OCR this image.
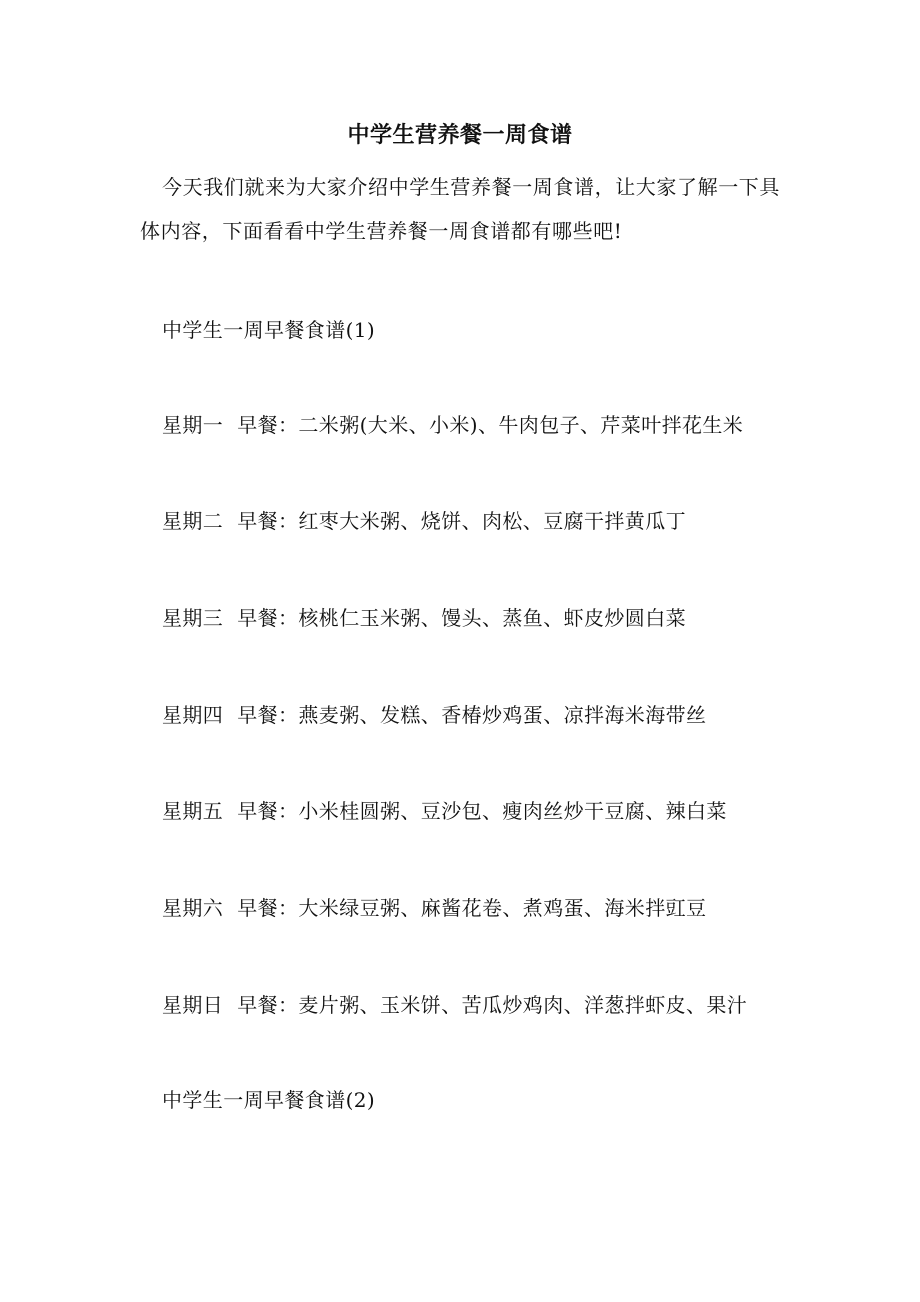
中学生营养餐一周食谱
今天我们就来为大家介绍中学生营养餐一周食谱，让大家了解一下具体内容，下面看看中学生营养餐一周食谱都有哪些吧!
中学生一周早餐食谱(1)
星期一 早餐：二米粥(大米、小米)、牛肉包子、芹菜叶拌花生米
星期二 早餐：红枣大米粥、烧饼、肉松、豆腐干拌黄瓜丁
星期三 早餐：核桃仁玉米粥、馒头、蒸鱼、虾皮炒圆白菜
星期四 早餐：燕麦粥、发糕、香椿炒鸡蛋、凉拌海米海带丝
星期五 早餐：小米桂圆粥、豆沙包、瘦肉丝炒干豆腐、辣白菜
星期六 早餐：大米绿豆粥、麻酱花卷、煮鸡蛋、海米拌豇豆
星期日 早餐：麦片粥、玉米饼、苦瓜炒鸡肉、洋葱拌虾皮、果汁
中学生一周早餐食谱(2)
